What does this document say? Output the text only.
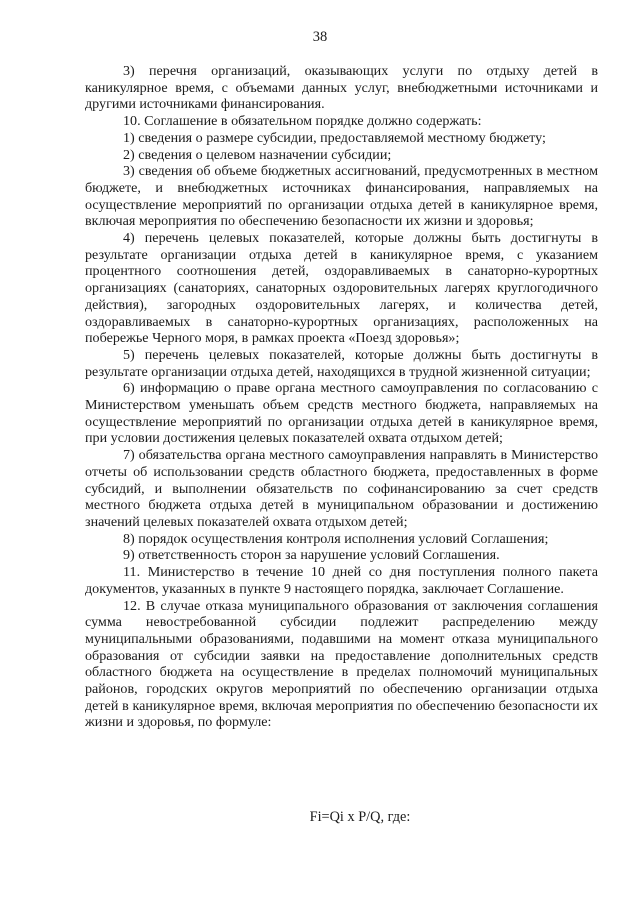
38

3) перечня организаций, оказывающих услуги по отдыху детей в каникулярное время, с объемами данных услуг, внебюджетными источниками и другими источниками финансирования.

10. Соглашение в обязательном порядке должно содержать:

1) сведения о размере субсидии, предоставляемой местному бюджету;

2) сведения о целевом назначении субсидии;

3) сведения об объеме бюджетных ассигнований, предусмотренных в местном бюджете, и внебюджетных источниках финансирования, направляемых на осуществление мероприятий по организации отдыха детей в каникулярное время, включая мероприятия по обеспечению безопасности их жизни и здоровья;

4) перечень целевых показателей, которые должны быть достигнуты в результате организации отдыха детей в каникулярное время, с указанием процентного соотношения детей, оздоравливаемых в санаторно-курортных организациях (санаториях, санаторных оздоровительных лагерях круглогодичного действия), загородных оздоровительных лагерях, и количества детей, оздоравливаемых в санаторно-курортных организациях, расположенных на побережье Черного моря, в рамках проекта «Поезд здоровья»;

5) перечень целевых показателей, которые должны быть достигнуты в результате организации отдыха детей, находящихся в трудной жизненной ситуации;

6) информацию о праве органа местного самоуправления по согласованию с Министерством уменьшать объем средств местного бюджета, направляемых на осуществление мероприятий по организации отдыха детей в каникулярное время, при условии достижения целевых показателей охвата отдыхом детей;

7) обязательства органа местного самоуправления направлять в Министерство отчеты об использовании средств областного бюджета, предоставленных в форме субсидий, и выполнении обязательств по софинансированию за счет средств местного бюджета отдыха детей в муниципальном образовании и достижению значений целевых показателей охвата отдыхом детей;

8) порядок осуществления контроля исполнения условий Соглашения;

9) ответственность сторон за нарушение условий Соглашения.

11. Министерство в течение 10 дней со дня поступления полного пакета документов, указанных в пункте 9 настоящего порядка, заключает Соглашение.

12. В случае отказа муниципального образования от заключения соглашения сумма невостребованной субсидии подлежит распределению между муниципальными образованиями, подавшими на момент отказа муниципального образования от субсидии заявки на предоставление дополнительных средств областного бюджета на осуществление в пределах полномочий муниципальных районов, городских округов мероприятий по обеспечению организации отдыха детей в каникулярное время, включая мероприятия по обеспечению безопасности их жизни и здоровья, по формуле:

Fi=Qi x P/Q, где:
